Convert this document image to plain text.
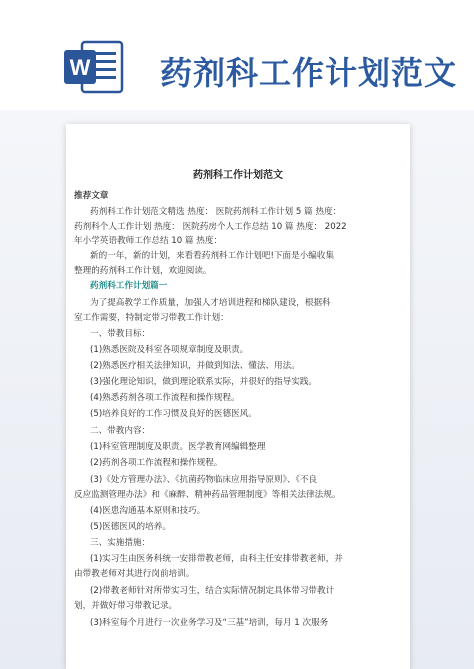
W 药剂科工作计划范文
药剂科工作计划范文
推荐文章
药剂科工作计划范文精选 热度： 医院药剂科工作计划 5 篇 热度：
药剂科个人工作计划 热度： 医院药房个人工作总结 10 篇 热度： 2022
年小学英语教师工作总结 10 篇 热度：
新的一年，新的计划，来看看药剂科工作计划吧!下面是小编收集
整理的药剂科工作计划，欢迎阅读。
药剂科工作计划篇一
为了提高教学工作质量，加强人才培训进程和梯队建设，根据科
室工作需要，特制定带习带教工作计划：
一、带教目标：
(1)熟悉医院及科室各项规章制度及职责。
(2)熟悉医疗相关法律知识，并做到知法、懂法、用法。
(3)强化理论知识，做到理论联系实际，并很好的指导实践。
(4)熟悉药剂各项工作流程和操作规程。
(5)培养良好的工作习惯及良好的医德医风。
二、带教内容：
(1)科室管理制度及职责。医学教育网编辑整理
(2)药剂各项工作流程和操作规程。
(3)《处方管理办法》、《抗菌药物临床应用指导原则》、《不良
反应监测管理办法》和《麻醉、精神药品管理制度》等相关法律法规。
(4)医患沟通基本原则和技巧。
(5)医德医风的培养。
三、实施措施：
(1)实习生由医务科统一安排带教老师，由科主任安排带教老师，并
由带教老师对其进行岗前培训。
(2)带教老师针对所带实习生，结合实际情况制定具体带习带教计
划，并做好带习带教记录。
(3)科室每个月进行一次业务学习及“三基”培训，每月 1 次服务
